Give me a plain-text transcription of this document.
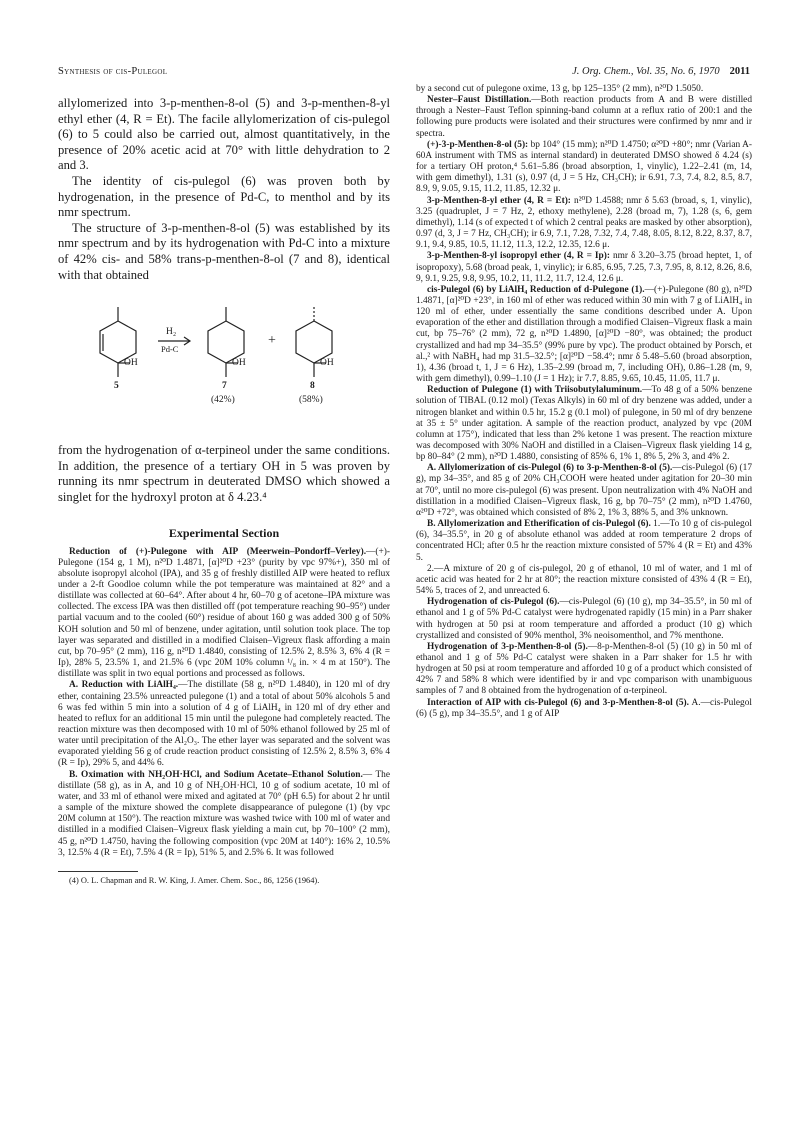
Synthesis of cis-Pulegol	J. Org. Chem., Vol. 35, No. 6, 1970 2011

allylomerized into 3-p-menthen-8-ol (5) and 3-p-menthen-8-yl ethyl ether (4, R = Et). The facile allylomerization of cis-pulegol (6) to 5 could also be carried out, almost quantitatively, in the presence of 20% acetic acid at 70° with little dehydration to 2 and 3.

The identity of cis-pulegol (6) was proven both by hydrogenation, in the presence of Pd-C, to menthol and by its nmr spectrum.

The structure of 3-p-menthen-8-ol (5) was established by its nmr spectrum and by its hydrogenation with Pd-C into a mixture of 42% cis- and 58% trans-p-menthen-8-ol (7 and 8), identical with that obtained

OH
H₂
Pd-C
OH
+
OH
5	7	8
(42%)	(58%)

from the hydrogenation of α-terpineol under the same conditions. In addition, the presence of a tertiary OH in 5 was proven by running its nmr spectrum in deuterated DMSO which showed a singlet for the hydroxyl proton at δ 4.23.⁴

Experimental Section

Reduction of (+)-Pulegone with AIP (Meerwein–Pondorff–Verley).—(+)-Pulegone (154 g, 1 M), n²⁰D 1.4871, [α]²⁰D +23° (purity by vpc 97%+), 350 ml of absolute isopropyl alcohol (IPA), and 35 g of freshly distilled AIP were heated to reflux under a 2-ft Goodloe column while the pot temperature was maintained at 82° and a distillate was collected at 60–64°. After about 4 hr, 60–70 g of acetone–IPA mixture was collected. The excess IPA was then distilled off (pot temperature reaching 90–95°) under partial vacuum and to the cooled (60°) residue of about 160 g was added 300 g of 50% KOH solution and 50 ml of benzene, under agitation, until solution took place. The top layer was separated and distilled in a modified Claisen–Vigreux flask affording a main cut, bp 70–95° (2 mm), 116 g, n²⁰D 1.4840, consisting of 12.5% 2, 8.5% 3, 6% 4 (R = Ip), 28% 5, 23.5% 1, and 21.5% 6 (vpc 20M 10% column ¹/₈ in. × 4 m at 150°). The distillate was split in two equal portions and processed as follows.

A. Reduction with LiAlH₄.—The distillate (58 g, n²⁰D 1.4840), in 120 ml of dry ether, containing 23.5% unreacted pulegone (1) and a total of about 50% alcohols 5 and 6 was fed within 5 min into a solution of 4 g of LiAlH₄ in 120 ml of dry ether and heated to reflux for an additional 15 min until the pulegone had completely reacted. The reaction mixture was then decomposed with 10 ml of 50% ethanol followed by 25 ml of water until precipitation of the Al₂O₃. The ether layer was separated and the solvent was evaporated yielding 56 g of crude reaction product consisting of 12.5% 2, 8.5% 3, 6% 4 (R = Ip), 29% 5, and 44% 6.

B. Oximation with NH₂OH·HCl, and Sodium Acetate–Ethanol Solution.— The distillate (58 g), as in A, and 10 g of NH₂OH·HCl, 10 g of sodium acetate, 10 ml of water, and 33 ml of ethanol were mixed and agitated at 70° (pH 6.5) for about 2 hr until a sample of the mixture showed the complete disappearance of pulegone (1) (by vpc 20M column at 150°). The reaction mixture was washed twice with 100 ml of water and distilled in a modified Claisen–Vigreux flask yielding a main cut, bp 70–100° (2 mm), 45 g, n²⁰D 1.4750, having the following composition (vpc 20M at 140°): 16% 2, 10.5% 3, 12.5% 4 (R = Et), 7.5% 4 (R = Ip), 51% 5, and 2.5% 6. It was followed

(4) O. L. Chapman and R. W. King, J. Amer. Chem. Soc., 86, 1256 (1964).

by a second cut of pulegone oxime, 13 g, bp 125–135° (2 mm), n²⁰D 1.5050.

Nester–Faust Distillation.—Both reaction products from A and B were distilled through a Nester–Faust Teflon spinning-band column at a reflux ratio of 200:1 and the following pure products were isolated and their structures were confirmed by nmr and ir spectra.

(+)-3-p-Menthen-8-ol (5): bp 104° (15 mm); n²⁰D 1.4750; α²⁰D +80°; nmr (Varian A-60A instrument with TMS as internal standard) in deuterated DMSO showed δ 4.24 (s) for a tertiary OH proton,⁴ 5.61–5.86 (broad absorption, 1, vinylic), 1.22–2.41 (m, 14, with gem dimethyl), 1.31 (s), 0.97 (d, J = 5 Hz, CH₃CH); ir 6.91, 7.3, 7.4, 8.2, 8.5, 8.7, 8.9, 9, 9.05, 9.15, 11.2, 11.85, 12.32 μ.

3-p-Menthen-8-yl ether (4, R = Et): n²⁰D 1.4588; nmr δ 5.63 (broad, s, 1, vinylic), 3.25 (quadruplet, J = 7 Hz, 2, ethoxy methylene), 2.28 (broad m, 7), 1.28 (s, 6, gem dimethyl), 1.14 (s of expected t of which 2 central peaks are masked by other absorption), 0.97 (d, 3, J = 7 Hz, CH₃CH); ir 6.9, 7.1, 7.28, 7.32, 7.4, 7.48, 8.05, 8.12, 8.22, 8.37, 8.7, 9.1, 9.4, 9.85, 10.5, 11.12, 11.3, 12.2, 12.35, 12.6 μ.

3-p-Menthen-8-yl isopropyl ether (4, R = Ip): nmr δ 3.20–3.75 (broad heptet, 1, of isopropoxy), 5.68 (broad peak, 1, vinylic); ir 6.85, 6.95, 7.25, 7.3, 7.95, 8, 8.12, 8.26, 8.6, 9, 9.1, 9.25, 9.8, 9.95, 10.2, 11, 11.2, 11.7, 12.4, 12.6 μ.

cis-Pulegol (6) by LiAlH₄ Reduction of d-Pulegone (1).—(+)-Pulegone (80 g), n²⁰D 1.4871, [α]²⁰D +23°, in 160 ml of ether was reduced within 30 min with 7 g of LiAlH₄ in 120 ml of ether, under essentially the same conditions described under A. Upon evaporation of the ether and distillation through a modified Claisen–Vigreux flask a main cut, bp 75–76° (2 mm), 72 g, n²⁰D 1.4890, [α]²⁰D −80°, was obtained; the product crystallized and had mp 34–35.5° (99% pure by vpc). The product obtained by Porsch, et al.,² with NaBH₄ had mp 31.5–32.5°; [α]²⁰D −58.4°; nmr δ 5.48–5.60 (broad absorption, 1), 4.36 (broad t, 1, J = 6 Hz), 1.35–2.99 (broad m, 7, including OH), 0.86–1.28 (m, 9, with gem dimethyl), 0.99–1.10 (J = 1 Hz); ir 7.7, 8.85, 9.65, 10.45, 11.05, 11.7 μ.

Reduction of Pulegone (1) with Triisobutylaluminum.—To 48 g of a 50% benzene solution of TIBAL (0.12 mol) (Texas Alkyls) in 60 ml of dry benzene was added, under a nitrogen blanket and within 0.5 hr, 15.2 g (0.1 mol) of pulegone, in 50 ml of dry benzene at 35 ± 5° under agitation. A sample of the reaction product, analyzed by vpc (20M column at 175°), indicated that less than 2% ketone 1 was present. The reaction mixture was decomposed with 30% NaOH and distilled in a Claisen–Vigreux flask yielding 14 g, bp 80–84° (2 mm), n²⁰D 1.4880, consisting of 85% 6, 1% 1, 8% 5, 2% 3, and 4% 2.

A. Allylomerization of cis-Pulegol (6) to 3-p-Menthen-8-ol (5).—cis-Pulegol (6) (17 g), mp 34–35°, and 85 g of 20% CH₃COOH were heated under agitation for 20–30 min at 70°, until no more cis-pulegol (6) was present. Upon neutralization with 4% NaOH and distillation in a modified Claisen–Vigreux flask, 16 g, bp 70–75° (2 mm), n²⁰D 1.4760, α²⁰D +72°, was obtained which consisted of 8% 2, 1% 3, 88% 5, and 3% unknown.

B. Allylomerization and Etherification of cis-Pulegol (6). 1.—To 10 g of cis-pulegol (6), 34–35.5°, in 20 g of absolute ethanol was added at room temperature 2 drops of concentrated HCl; after 0.5 hr the reaction mixture consisted of 57% 4 (R = Et) and 43% 5.

2.—A mixture of 20 g of cis-pulegol, 20 g of ethanol, 10 ml of water, and 1 ml of acetic acid was heated for 2 hr at 80°; the reaction mixture consisted of 43% 4 (R = Et), 54% 5, traces of 2, and unreacted 6.

Hydrogenation of cis-Pulegol (6).—cis-Pulegol (6) (10 g), mp 34–35.5°, in 50 ml of ethanol and 1 g of 5% Pd-C catalyst were hydrogenated rapidly (15 min) in a Parr shaker with hydrogen at 50 psi at room temperature and afforded a product (10 g) which crystallized and consisted of 90% menthol, 3% neoisomenthol, and 7% menthone.

Hydrogenation of 3-p-Menthen-8-ol (5).—8-p-Menthen-8-ol (5) (10 g) in 50 ml of ethanol and 1 g of 5% Pd-C catalyst were shaken in a Parr shaker for 1.5 hr with hydrogen at 50 psi at room temperature and afforded 10 g of a product which consisted of 42% 7 and 58% 8 which were identified by ir and vpc comparison with unambiguous samples of 7 and 8 obtained from the hydrogenation of α-terpineol.

Interaction of AIP with cis-Pulegol (6) and 3-p-Menthen-8-ol (5). A.—cis-Pulegol (6) (5 g), mp 34–35.5°, and 1 g of AIP
